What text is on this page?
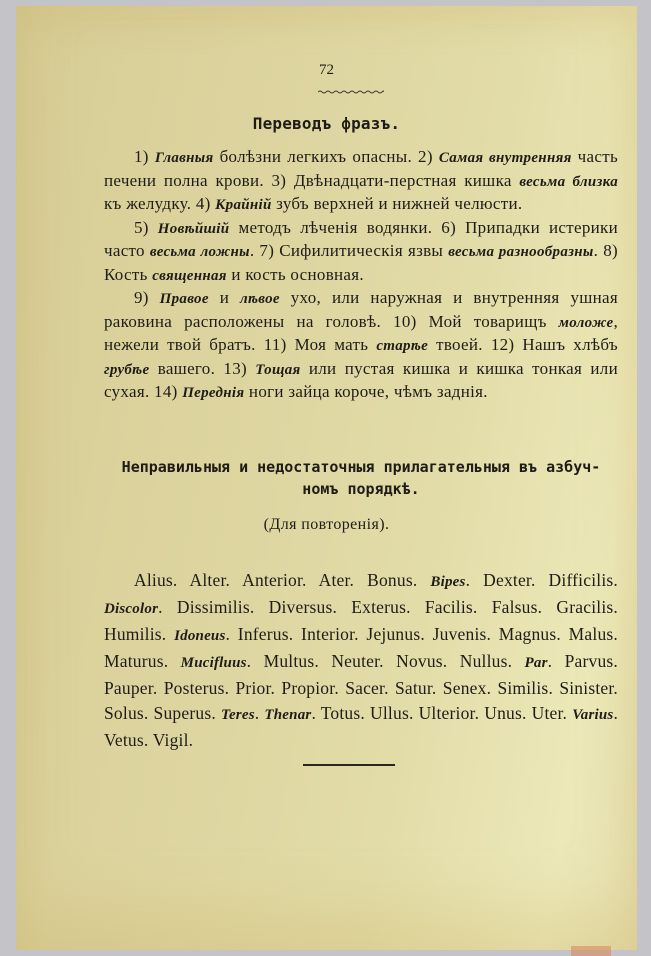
72
Переводъ фразъ.

1) Главныя болѣзни легкихъ опасны. 2) Самая внутренняя часть печени полна крови. 3) Двѣнадцати-перстная кишка весьма близка къ желудку. 4) Крайній зубъ верхней и нижней челюсти.

5) Новѣйшій методъ лѣченія водянки. 6) Припадки истерики часто весьма ложны. 7) Сифилитическія язвы весьма разнообразны. 8) Кость священная и кость основная.

9) Правое и лѣвое ухо, или наружная и внутренняя ушная раковина расположены на головѣ. 10) Мой товарищъ моложе, нежели твой братъ. 11) Моя мать старѣе твоей. 12) Нашъ хлѣбъ грубѣе вашего. 13) Тощая или пустая кишка и кишка тонкая или сухая. 14) Переднія ноги зайца короче, чѣмъ заднія.

Неправильныя и недостаточныя прилагательныя въ азбуч-
номъ порядкѣ.
(Для повторенія).

Alius. Alter. Anterior. Ater. Bonus. Bipes. Dexter. Difficilis. Discolor. Dissimilis. Diversus. Exterus. Facilis. Falsus. Gracilis. Humilis. Idoneus. Inferus. Interior. Jejunus. Juvenis. Magnus. Malus. Maturus. Mucifluus. Multus. Neuter. Novus. Nullus. Par. Parvus. Pauper. Posterus. Prior. Propior. Sacer. Satur. Senex. Similis. Sinister. Solus. Superus. Teres. Thenar. Totus. Ullus. Ulterior. Unus. Uter. Varius. Vetus. Vigil.
